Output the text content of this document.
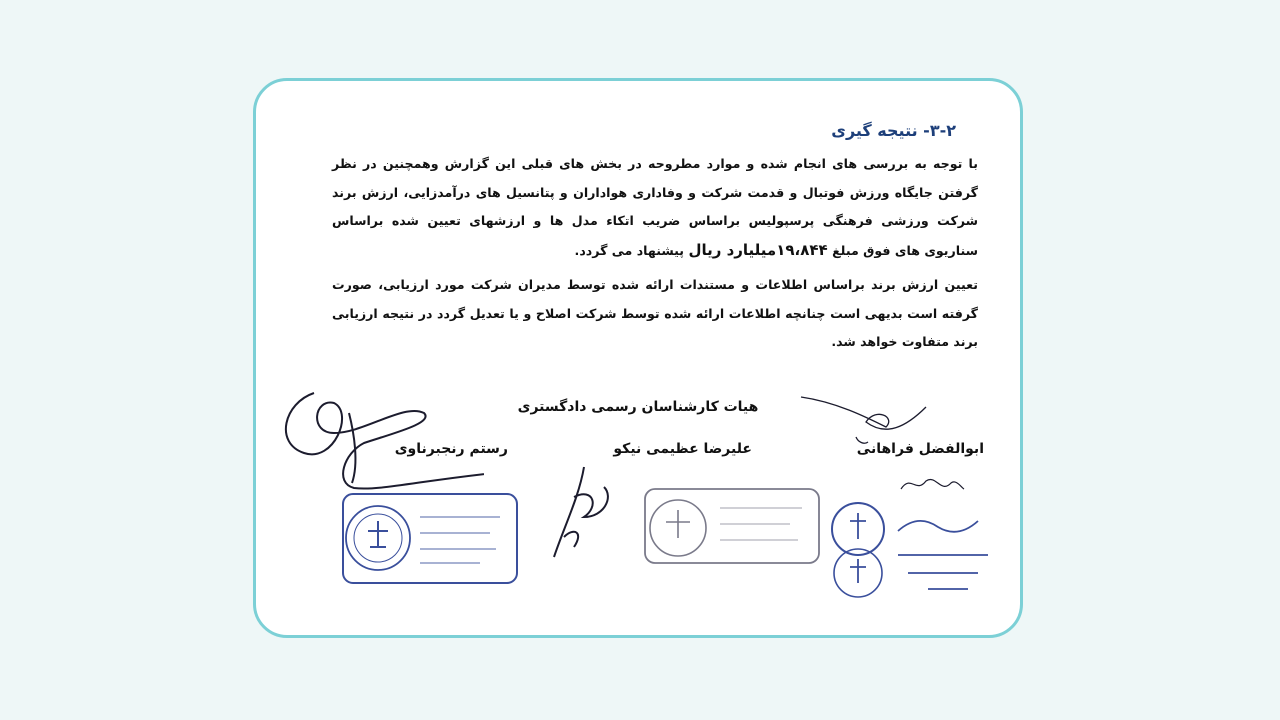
٢-٣- نتیجه گیری

با توجه به بررسی های انجام شده و موارد مطروحه در بخش های قبلی این گزارش وهمچنین در نظر گرفتن جایگاه ورزش فوتبال و قدمت شرکت و وفاداری هواداران و پتانسیل های درآمدزایی، ارزش برند شرکت ورزشی فرهنگی پرسپولیس براساس ضریب اتکاء مدل ها و ارزشهای تعیین شده براساس سناریوی های فوق مبلغ ١٩،٨۴۴میلیارد ریال پیشنهاد می گردد.

تعیین ارزش برند براساس اطلاعات و مستندات ارائه شده توسط مدیران شرکت مورد ارزیابی، صورت گرفته است بدیهی است چنانچه اطلاعات ارائه شده توسط شرکت اصلاح و یا تعدیل گردد در نتیجه ارزیابی برند متفاوت خواهد شد.

هیات کارشناسان رسمی دادگستری
ابوالفضل فراهانی
علیرضا عظیمی نیکو
رستم رنجبرناوی
